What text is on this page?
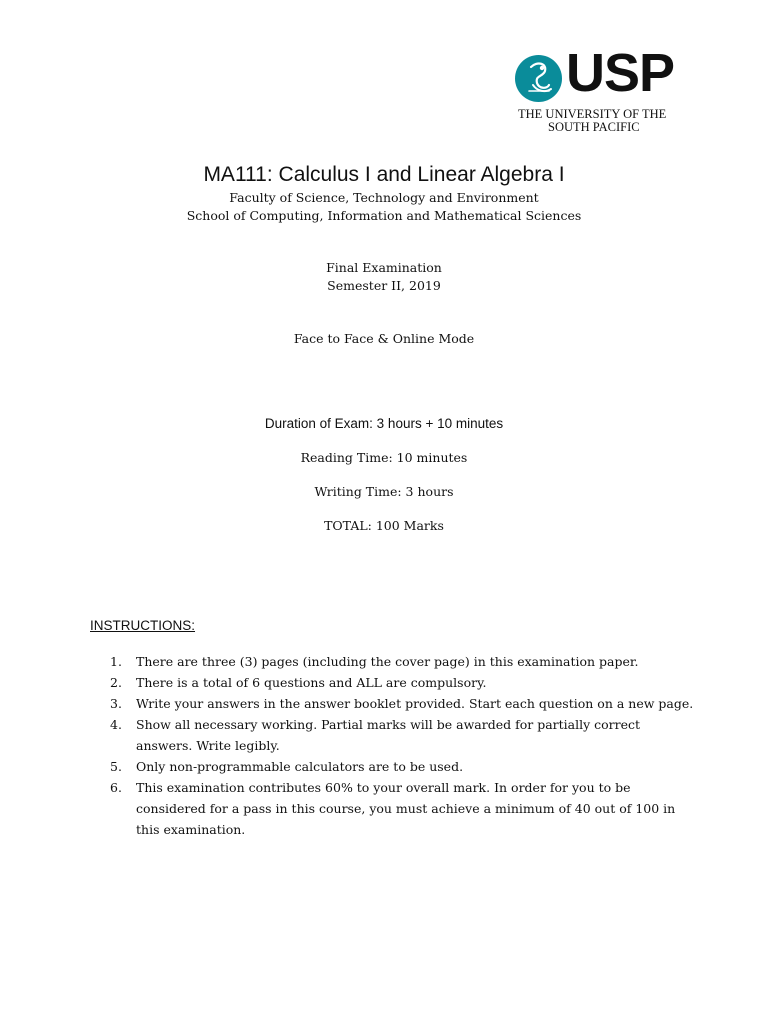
USP
THE UNIVERSITY OF THE
SOUTH PACIFIC
MA111: Calculus I and Linear Algebra I
Faculty of Science, Technology and Environment
School of Computing, Information and Mathematical Sciences
Final Examination
Semester II, 2019
Face to Face & Online Mode
Duration of Exam: 3 hours + 10 minutes
Reading Time: 10 minutes
Writing Time: 3 hours
TOTAL: 100 Marks
INSTRUCTIONS:
1. There are three (3) pages (including the cover page) in this examination paper.
2. There is a total of 6 questions and ALL are compulsory.
3. Write your answers in the answer booklet provided. Start each question on a new page.
4. Show all necessary working. Partial marks will be awarded for partially correct answers. Write legibly.
5. Only non-programmable calculators are to be used.
6. This examination contributes 60% to your overall mark. In order for you to be considered for a pass in this course, you must achieve a minimum of 40 out of 100 in this examination.
